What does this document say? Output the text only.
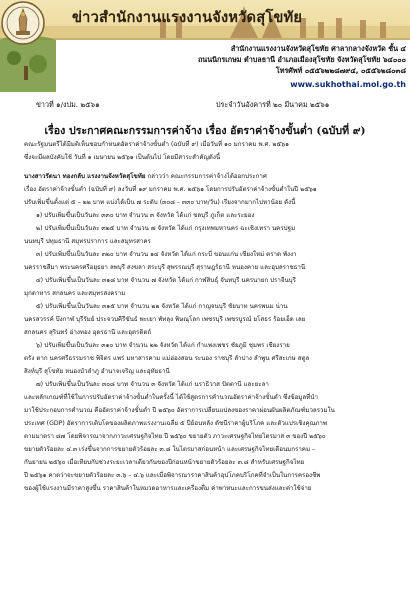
ข่าวสำนักงานแรงงานจังหวัดสุโขทัย
สำนักงานแรงงานจังหวัดสุโขทัย ศาลากลางจังหวัด ชั้น ๔
ถนนนิกรเกษม ตำบลธานี อำเภอเมืองสุโขทัย จังหวัดสุโขทัย ๖๔๐๐๐
โทรศัพท์ ๐๕๕๖๒๒๘๗๙๔, ๐๕๕๖๒๘๐๓๘
www.sukhothai.mol.go.th
ข่าวที่ ๑/งปม. ๒๕๖๑	ประจำวันอังคารที่ ๒๐ มีนาคม ๒๕๖๑
เรื่อง ประกาศคณะกรรมการค่าจ้าง เรื่อง อัตราค่าจ้างขั้นต่ำ (ฉบับที่ ๙)
คณะรัฐมนตรีได้มีมติเห็นชอบกำหนดอัตราค่าจ้างขั้นต่ำ (ฉบับที่ ๙) เมื่อวันที่ ๑๐ มกราคม พ.ศ. ๒๕๖๑
ซึ่งจะมีผลบังคับใช้ วันที่ ๑ เมษายน ๒๕๖๑ เป็นต้นไป โดยมีสาระสำคัญดังนี้
นางสาวรัตนา ทองกลับ แรงงานจังหวัดสุโขทัย กล่าวว่า คณะกรรมการค่าจ้างได้ออกประกาศ
เรื่อง อัตราค่าจ้างขั้นต่ำ (ฉบับที่ ๙) ลงวันที่ ๑๙ มกราคม พ.ศ. ๒๕๖๑ โดยการปรับอัตราค่าจ้างขั้นต่ำในปี ๒๕๖๑
ปรับเพิ่มขึ้นตั้งแต่ ๕ – ๒๒ บาท แบ่งได้เป็น ๗ ระดับ (๓๐๘ – ๓๓๐ บาท/วัน) เรียงจากมากไปหาน้อย ดังนี้
๑) ปรับเพิ่มขึ้นเป็นวันละ ๓๓๐ บาท จำนวน ๓ จังหวัด ได้แก่ ชลบุรี ภูเก็ต และระยอง
๒) ปรับเพิ่มขึ้นเป็นวันละ ๓๒๕ บาท จำนวน ๗ จังหวัด ได้แก่ กรุงเทพมหานคร ฉะเชิงเทรา นครปฐม
นนทบุรี ปทุมธานี สมุทรปราการ และสมุทรสาคร
๓) ปรับเพิ่มขึ้นเป็นวันละ ๓๒๐ บาท จำนวน ๑๔ จังหวัด ได้แก่ กระบี่ ขอนแก่น เชียงใหม่ ตราด พังงา
นครราชสีมา พระนครศรีอยุธยา ลพบุรี สงขลา สระบุรี สุพรรณบุรี สุราษฎร์ธานี หนองคาย และอุบลราชธานี
๔) ปรับเพิ่มขึ้นเป็นวันละ ๓๑๘ บาท จำนวน ๗ จังหวัด ได้แก่ กาฬสินธุ์ จันทบุรี นครนายก ปราจีนบุรี
มุกดาหาร สกลนคร และสมุทรสงคราม
๕) ปรับเพิ่มขึ้นเป็นวันละ ๓๑๕ บาท จำนวน ๒๒ จังหวัด ได้แก่ กาญจนบุรี ชัยนาท นครพนม น่าน
นครสวรรค์ บึงกาฬ บุรีรัมย์ ประจวบคีรีขันธ์ พะเยา พัทลุง พิษณุโลก เพชรบุรี เพชรบูรณ์ ยโสธร ร้อยเอ็ด เลย
สกลนคร สุรินทร์ อ่างทอง อุดรธานี และอุตรดิตถ์
๖) ปรับเพิ่มขึ้นเป็นวันละ ๓๑๐ บาท จำนวน ๒๒ จังหวัด ได้แก่ กำแพงเพชร ชัยภูมิ ชุมพร เชียงราย
ตรัง ตาก นครศรีธรรมราช พิจิตร แพร่ มหาสารคาม แม่ฮ่องสอน ระนอง ราชบุรี ลำปาง ลำพูน ศรีสะเกษ สตูล
สิงห์บุรี สุโขทัย หนองบัวลำภู อำนาจเจริญ และอุทัยธานี
๗) ปรับเพิ่มขึ้นเป็นวันละ ๓๐๘ บาท จำนวน ๓ จังหวัด ได้แก่ นราธิวาส ปัตตานี และยะลา
และหลักเกณฑ์ที่ใช้ในการปรับอัตราค่าจ้างขั้นต่ำในครั้งนี้ ได้ใช้สูตรการคำนวณอัตราค่าจ้างขั้นต่ำ ซึ่งข้อมูลที่นำ
มาใช้ประกอบการคำนวณ คืออัตราค่าจ้างขั้นต่ำ ปี ๒๕๖๐ อัตราการเปลี่ยนแปลงของราคาผ่อนผันผลิตภัณฑ์มวลรวมใน
ประเทศ (GDP) อัตราการเติบโตของผลิตภาพแรงงานเฉลี่ย ๕ ปีย้อนหลัง ดัชนีราคาผู้บริโภค และตัวแปรเชิงคุณภาพ
ตามมาตรา ๘๗ โดยพิจารณาจากภาวะเศรษฐกิจไทย ปี ๒๕๖๐ ขยายตัว ภาวะเศรษฐกิจไทยไตรมาส ๓ ของปี ๒๕๖๐
ขยายตัวร้อยละ ๔.๓ เร่งขึ้นจากการขยายตัวร้อยละ ๓.๘ ในไตรมาสก่อนหน้า และเศรษฐกิจไทยเดือนมกราคม –
กันยายน ๒๕๖๐ เมื่อเทียบกับช่วงระยะเวลาเดียวกันของปีก่อนหน้าขยายตัวร้อยละ ๓.๘ สำหรับเศรษฐกิจไทย
ปี ๒๕๖๑ คาดว่าจะขยายตัวร้อยละ ๓.๖ – ๔.๖ และเมื่อพิจารณาราคาสินค้าอุปโภคบริโภคที่จำเป็นในการครองชีพ
ของผู้ใช้แรงงานมีราคาสูงขึ้น ราคาสินค้าในหมวดอาหารและเครื่องดื่ม ค่าพาหนะและการขนส่งและค่าใช้จ่าย
